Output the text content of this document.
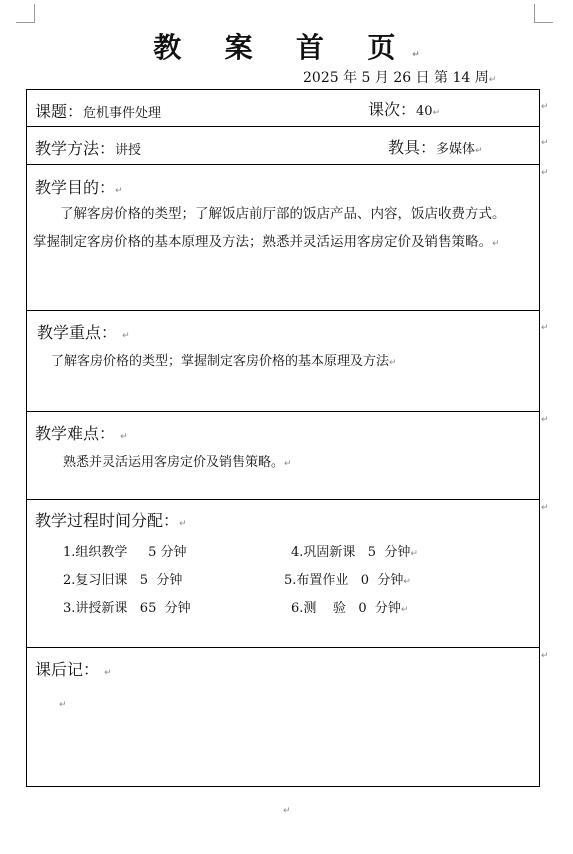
教 案 首 页↵
2025 年 5 月 26 日 第 14 周↵
课题：危机事件处理	课次：40↵
教学方法：讲授	教具：多媒体↵
教学目的：↵
了解客房价格的类型；了解饭店前厅部的饭店产品、内容，饭店收费方式。掌握制定客房价格的基本原理及方法；熟悉并灵活运用客房定价及销售策略。↵
教学重点： ↵
了解客房价格的类型；掌握制定客房价格的基本原理及方法↵
教学难点： ↵
熟悉并灵活运用客房定价及销售策略。↵
教学过程时间分配：↵
1.组织教学     5 分钟	4.巩固新课   5  分钟↵
2.复习旧课   5  分钟	5.布置作业   0  分钟↵
3.讲授新课   65  分钟	6.测    验   0  分钟↵
课后记： ↵
↵
↵
↵
↵
↵
↵
↵
↵
↵
